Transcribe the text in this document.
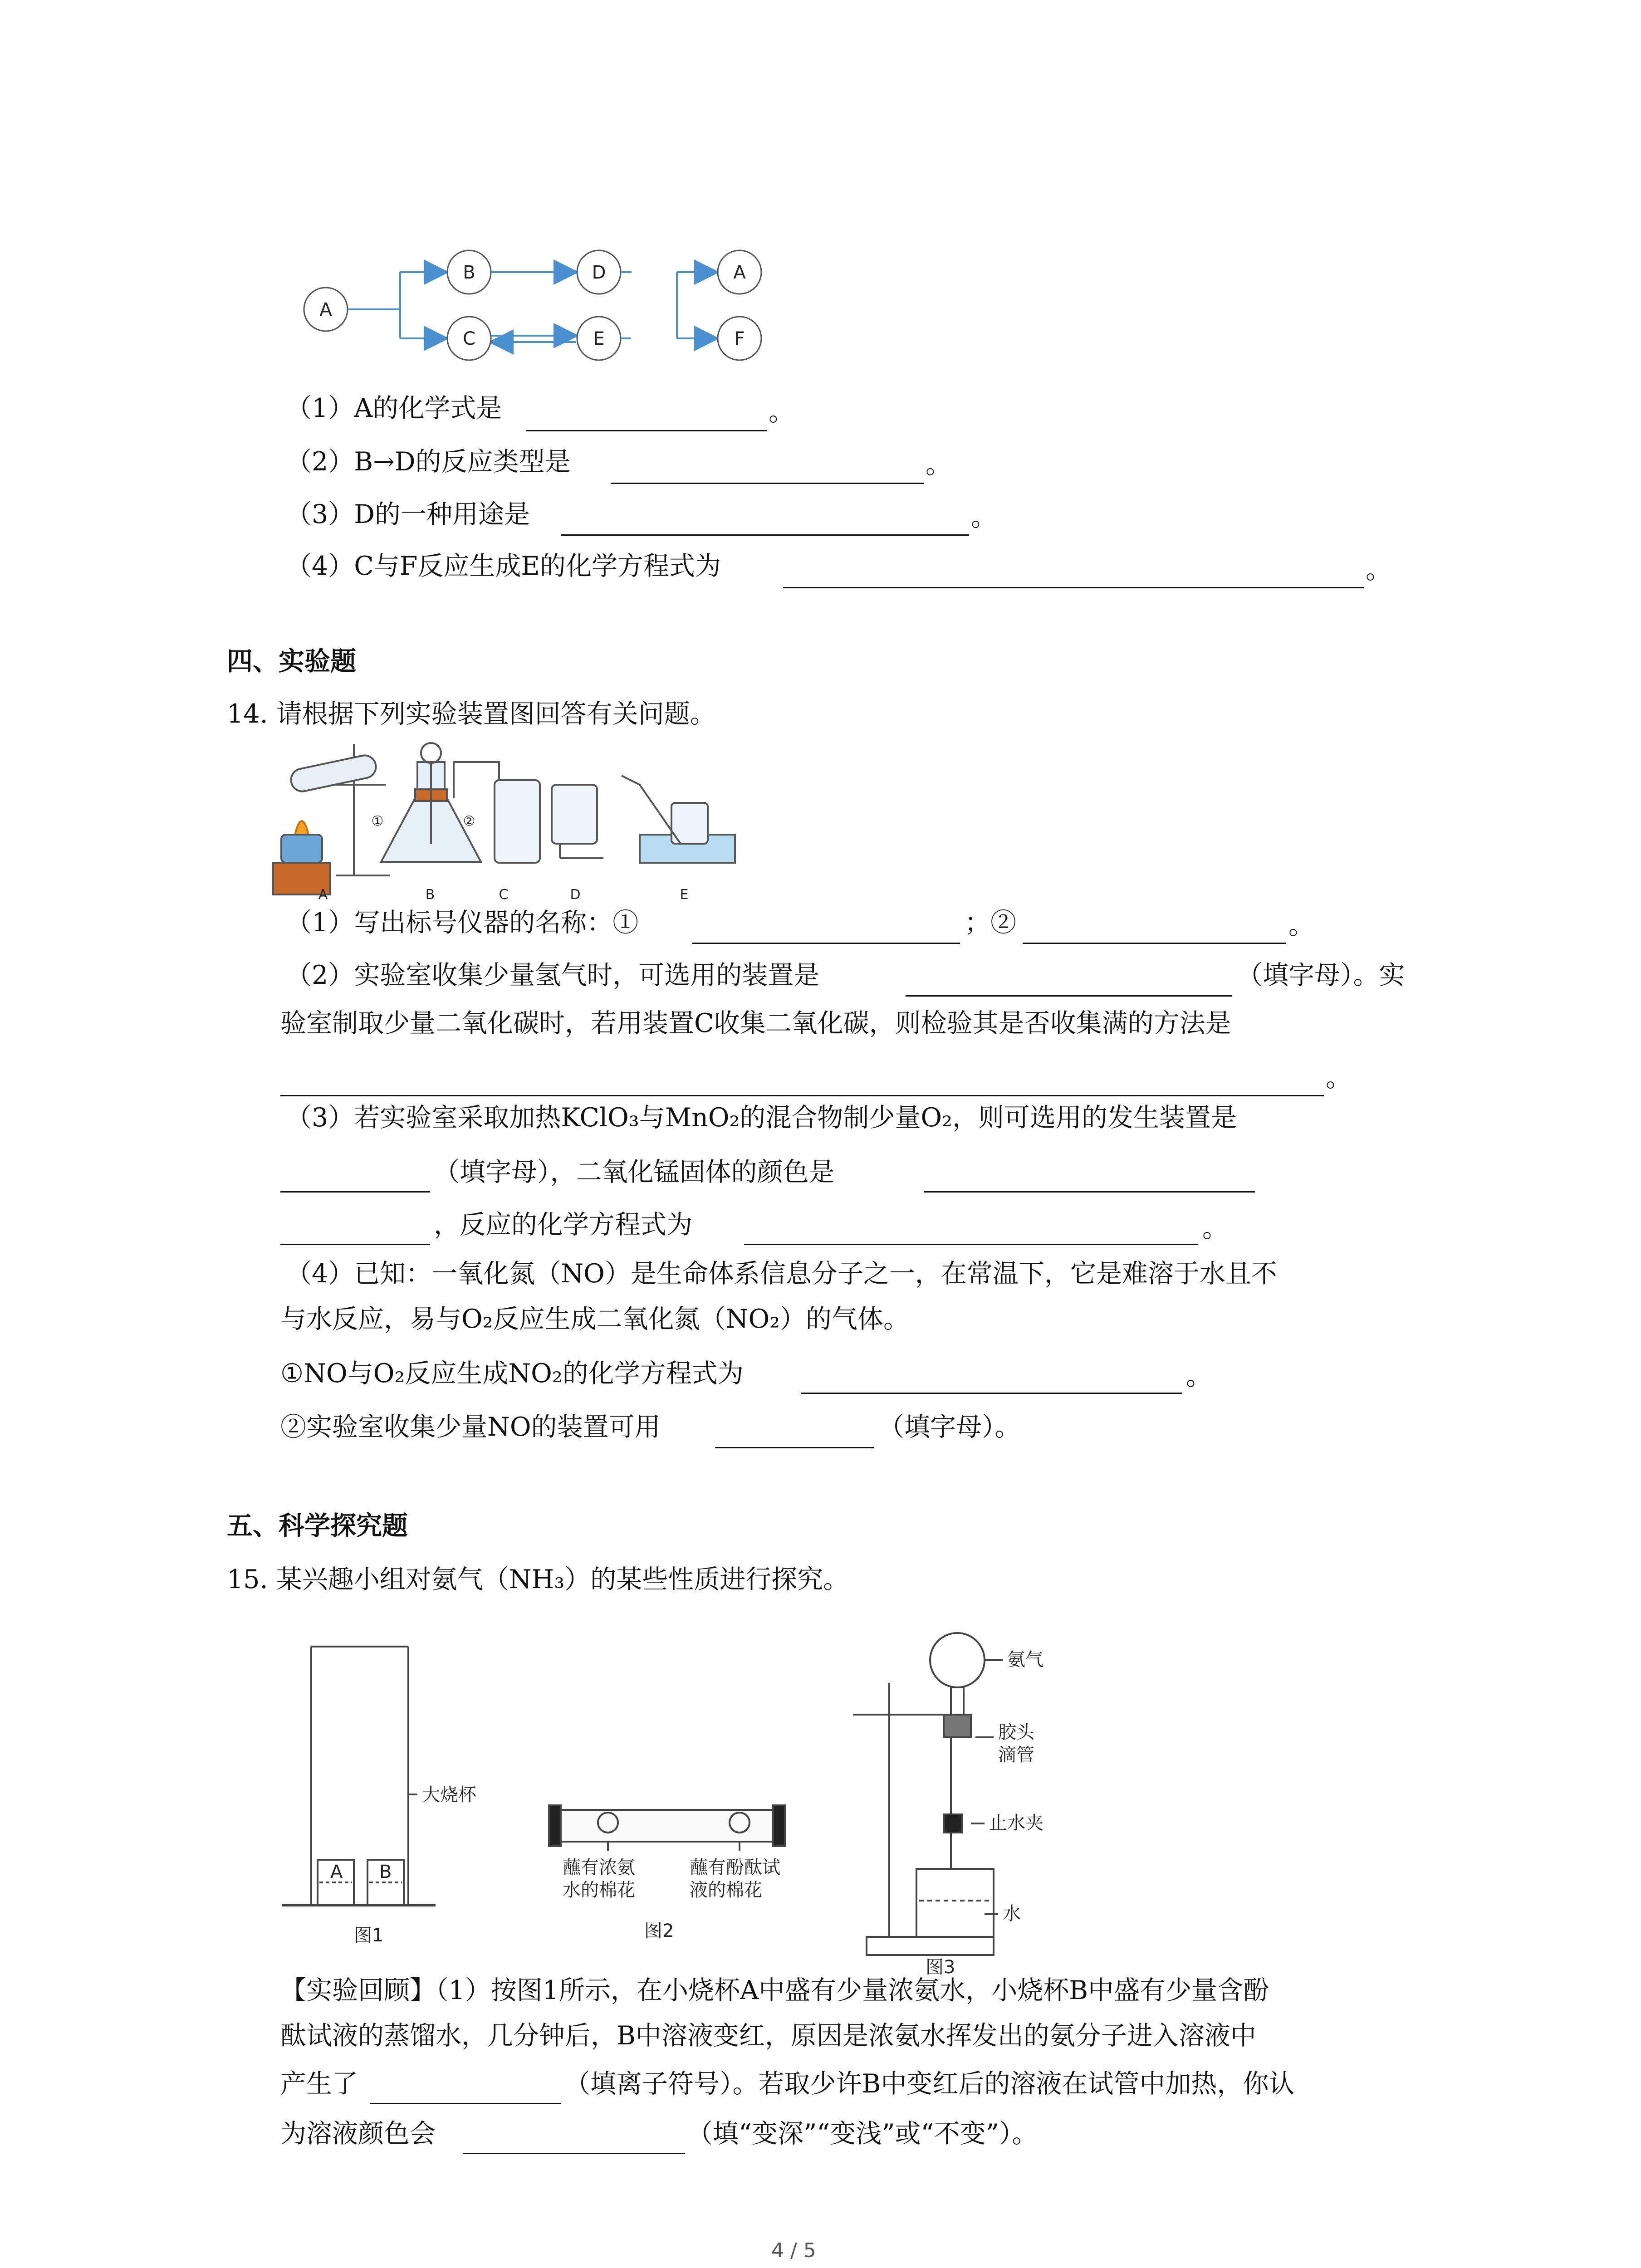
A
B
C
D
E
A
F
（1）A的化学式是	。
（2）B→D的反应类型是	。
（3）D的一种用途是	。
（4）C与F反应生成E的化学方程式为	。
四、实验题
14. 请根据下列实验装置图回答有关问题。
①	②
A	B	C	D	E
（1）写出标号仪器的名称：①	；②	。
（2）实验室收集少量氢气时，可选用的装置是	（填字母）。实
验室制取少量二氧化碳时，若用装置C收集二氧化碳，则检验其是否收集满的方法是
。
（3）若实验室采取加热KClO₃与MnO₂的混合物制少量O₂，则可选用的发生装置是
（填字母），二氧化锰固体的颜色是
，反应的化学方程式为	。
（4）已知：一氧化氮（NO）是生命体系信息分子之一，在常温下，它是难溶于水且不
与水反应，易与O₂反应生成二氧化氮（NO₂）的气体。
①NO与O₂反应生成NO₂的化学方程式为	。
②实验室收集少量NO的装置可用	（填字母）。
五、科学探究题
15. 某兴趣小组对氨气（NH₃）的某些性质进行探究。
大烧杯
A B
图1
蘸有浓氨
水的棉花
蘸有酚酞试
液的棉花
图2
氨气
胶头
滴管
止水夹
水
图3
【实验回顾】（1）按图1所示，在小烧杯A中盛有少量浓氨水，小烧杯B中盛有少量含酚
酞试液的蒸馏水，几分钟后，B中溶液变红，原因是浓氨水挥发出的氨分子进入溶液中
产生了	（填离子符号）。若取少许B中变红后的溶液在试管中加热，你认
为溶液颜色会	（填“变深”“变浅”或“不变”）。
4 / 5
